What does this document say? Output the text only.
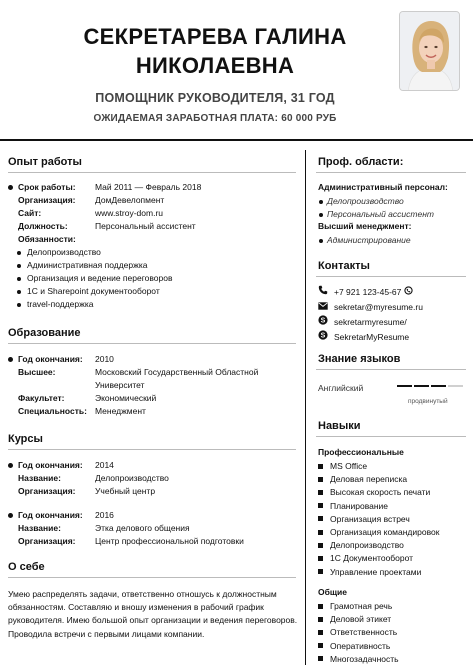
СЕКРЕТАРЕВА ГАЛИНА
НИКОЛАЕВНА
ПОМОЩНИК РУКОВОДИТЕЛЯ, 31 ГОД
ОЖИДАЕМАЯ ЗАРАБОТНАЯ ПЛАТА: 60 000 РУБ
Опыт работы
Срок работы:	Май 2011 — Февраль 2018
Организация:	ДомДевелопмент
Сайт:	www.stroy-dom.ru
Должность:	Персональный ассистент
Обязанности:
Делопроизводство
Административная поддержка
Организация и ведение переговоров
1С и Sharepoint документооборот
travel-поддержка
Образование
Год окончания:	2010
Высшее:	Московский Государственный Областной Университет
Факультет:	Экономический
Специальность: Менеджмент
Курсы
Год окончания:	2014
Название:	Делопроизводство
Организация:	Учебный центр
Год окончания:	2016
Название:	Этка делового общения
Организация:	Центр профессиональной подготовки
О себе
Умею распределять задачи, ответственно отношусь к должностным обязанностям. Составляю и вношу изменения в рабочий график руководителя. Имею большой опыт организации и ведения переговоров. Проводила встречи с первыми лицами компании.
Проф. области:
Административный персонал:
Делопроизводство
Персональный ассистент
Высший менеджмент:
Администрирование
Контакты
+7 921 123-45-67
sekretar@myresume.ru
S sekretarmyresume/
S SekretarMyResume
Знание языков
Английский
продвинутый
Навыки
Профессиональные
MS Office
Деловая переписка
Высокая скорость печати
Планирование
Организация встреч
Организация командировок
Делопроизводство
1С Документооборот
Управление проектами
Общие
Грамотная речь
Деловой этикет
Ответственность
Оперативность
Многозадачность
